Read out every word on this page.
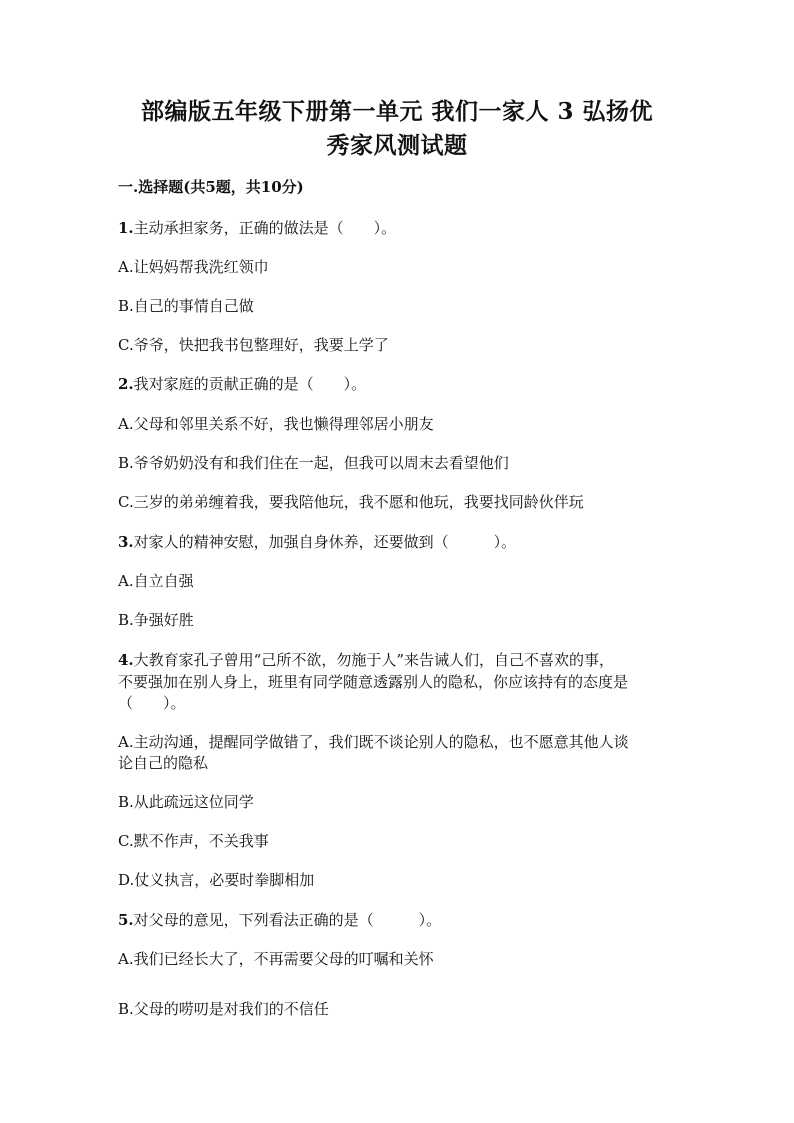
部编版五年级下册第一单元 我们一家人 3 弘扬优
秀家风测试题
一.选择题(共5题，共10分)
1.主动承担家务，正确的做法是（　　）。
A.让妈妈帮我洗红领巾
B.自己的事情自己做
C.爷爷，快把我书包整理好，我要上学了
2.我对家庭的贡献正确的是（　　）。
A.父母和邻里关系不好，我也懒得理邻居小朋友
B.爷爷奶奶没有和我们住在一起，但我可以周末去看望他们
C.三岁的弟弟缠着我，要我陪他玩，我不愿和他玩，我要找同龄伙伴玩
3.对家人的精神安慰，加强自身休养，还要做到（　　　）。
A.自立自强
B.争强好胜
4.大教育家孔子曾用“己所不欲，勿施于人”来告诫人们，自己不喜欢的事，
不要强加在别人身上，班里有同学随意透露别人的隐私，你应该持有的态度是
（　　）。
A.主动沟通，提醒同学做错了，我们既不谈论别人的隐私，也不愿意其他人谈
论自己的隐私
B.从此疏远这位同学
C.默不作声，不关我事
D.仗义执言，必要时拳脚相加
5.对父母的意见，下列看法正确的是（　　　）。
A.我们已经长大了，不再需要父母的叮嘱和关怀
B.父母的唠叨是对我们的不信任
